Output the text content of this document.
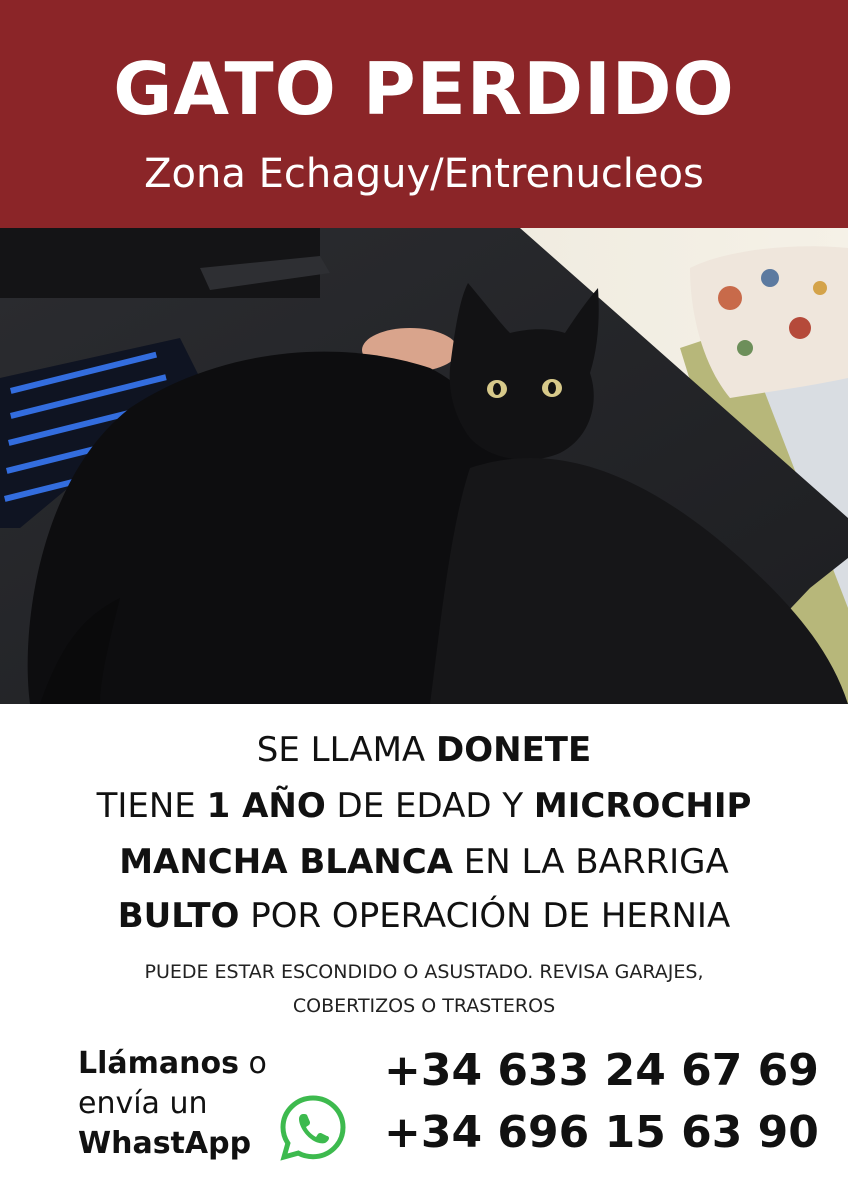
GATO PERDIDO
Zona Echaguy/Entrenucleos
SE LLAMA DONETE
TIENE 1 AÑO DE EDAD Y MICROCHIP
MANCHA BLANCA EN LA BARRIGA
BULTO POR OPERACIÓN DE HERNIA
PUEDE ESTAR ESCONDIDO O ASUSTADO. REVISA GARAJES,
COBERTIZOS O TRASTEROS
Llámanos o
envía un
WhastApp
+34 633 24 67 69
+34 696 15 63 90
